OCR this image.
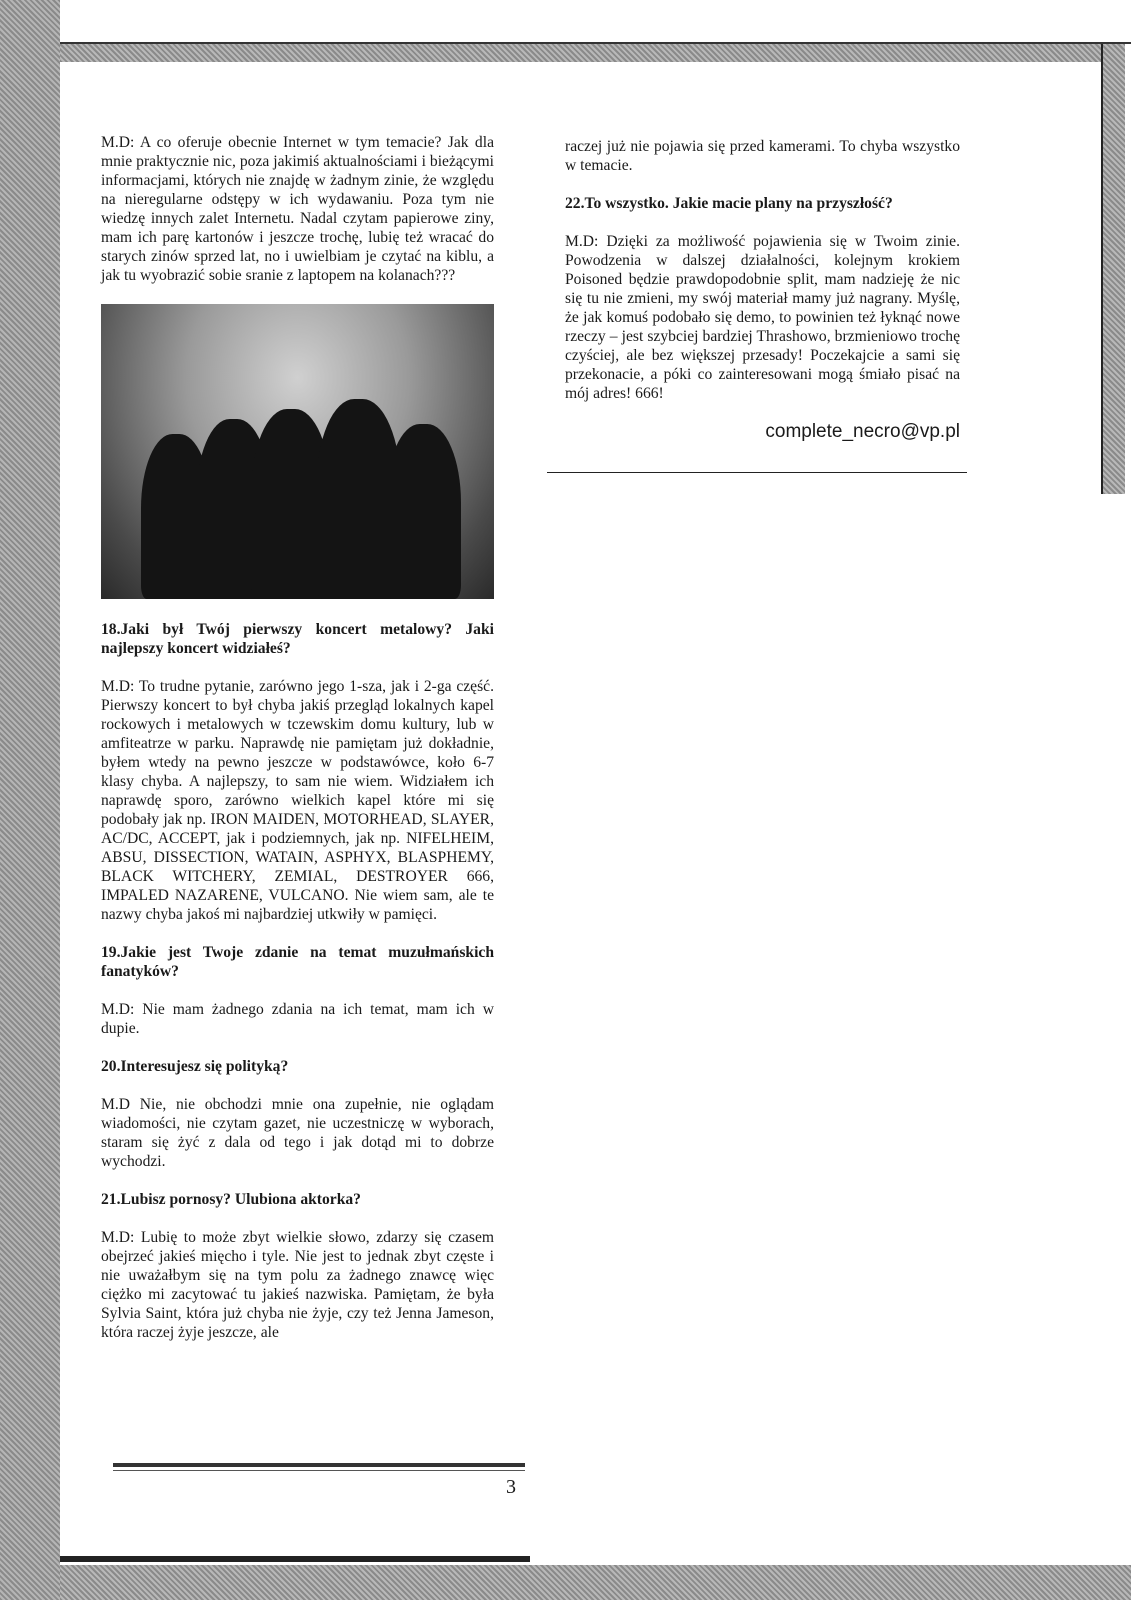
M.D: A co oferuje obecnie Internet w tym temacie? Jak dla mnie praktycznie nic, poza jakimiś aktualnościami i bieżącymi informacjami, których nie znajdę w żadnym zinie, że względu na nieregularne odstępy w ich wydawaniu. Poza tym nie wiedzę innych zalet Internetu. Nadal czytam papierowe ziny, mam ich parę kartonów i jeszcze trochę, lubię też wracać do starych zinów sprzed lat, no i uwielbiam je czytać na kiblu, a jak tu wyobrazić sobie sranie z laptopem na kolanach???

18.Jaki był Twój pierwszy koncert metalowy? Jaki najlepszy koncert widziałeś?

M.D: To trudne pytanie, zarówno jego 1-sza, jak i 2-ga część. Pierwszy koncert to był chyba jakiś przegląd lokalnych kapel rockowych i metalowych w tczewskim domu kultury, lub w amfiteatrze w parku. Naprawdę nie pamiętam już dokładnie, byłem wtedy na pewno jeszcze w podstawówce, koło 6-7 klasy chyba. A najlepszy, to sam nie wiem. Widziałem ich naprawdę sporo, zarówno wielkich kapel które mi się podobały jak np. IRON MAIDEN, MOTORHEAD, SLAYER, AC/DC, ACCEPT, jak i podziemnych, jak np. NIFELHEIM, ABSU, DISSECTION, WATAIN, ASPHYX, BLASPHEMY, BLACK WITCHERY, ZEMIAL, DESTROYER 666, IMPALED NAZARENE, VULCANO. Nie wiem sam, ale te nazwy chyba jakoś mi najbardziej utkwiły w pamięci.

19.Jakie jest Twoje zdanie na temat muzułmańskich fanatyków?

M.D: Nie mam żadnego zdania na ich temat, mam ich w dupie.

20.Interesujesz się polityką?

M.D Nie, nie obchodzi mnie ona zupełnie, nie oglądam wiadomości, nie czytam gazet, nie uczestniczę w wyborach, staram się żyć z dala od tego i jak dotąd mi to dobrze wychodzi.

21.Lubisz pornosy? Ulubiona aktorka?

M.D: Lubię to może zbyt wielkie słowo, zdarzy się czasem obejrzeć jakieś mięcho i tyle. Nie jest to jednak zbyt częste i nie uważałbym się na tym polu za żadnego znawcę więc ciężko mi zacytować tu jakieś nazwiska. Pamiętam, że była Sylvia Saint, która już chyba nie żyje, czy też Jenna Jameson, która raczej żyje jeszcze, ale

raczej już nie pojawia się przed kamerami. To chyba wszystko w temacie.

22.To wszystko. Jakie macie plany na przyszłość?

M.D: Dzięki za możliwość pojawienia się w Twoim zinie. Powodzenia w dalszej działalności, kolejnym krokiem Poisoned będzie prawdopodobnie split, mam nadzieję że nic się tu nie zmieni, my swój materiał mamy już nagrany. Myślę, że jak komuś podobało się demo, to powinien też łyknąć nowe rzeczy – jest szybciej bardziej Thrashowo, brzmieniowo trochę czyściej, ale bez większej przesady! Poczekajcie a sami się przekonacie, a póki co zainteresowani mogą śmiało pisać na mój adres! 666!

complete_necro@vp.pl
3
